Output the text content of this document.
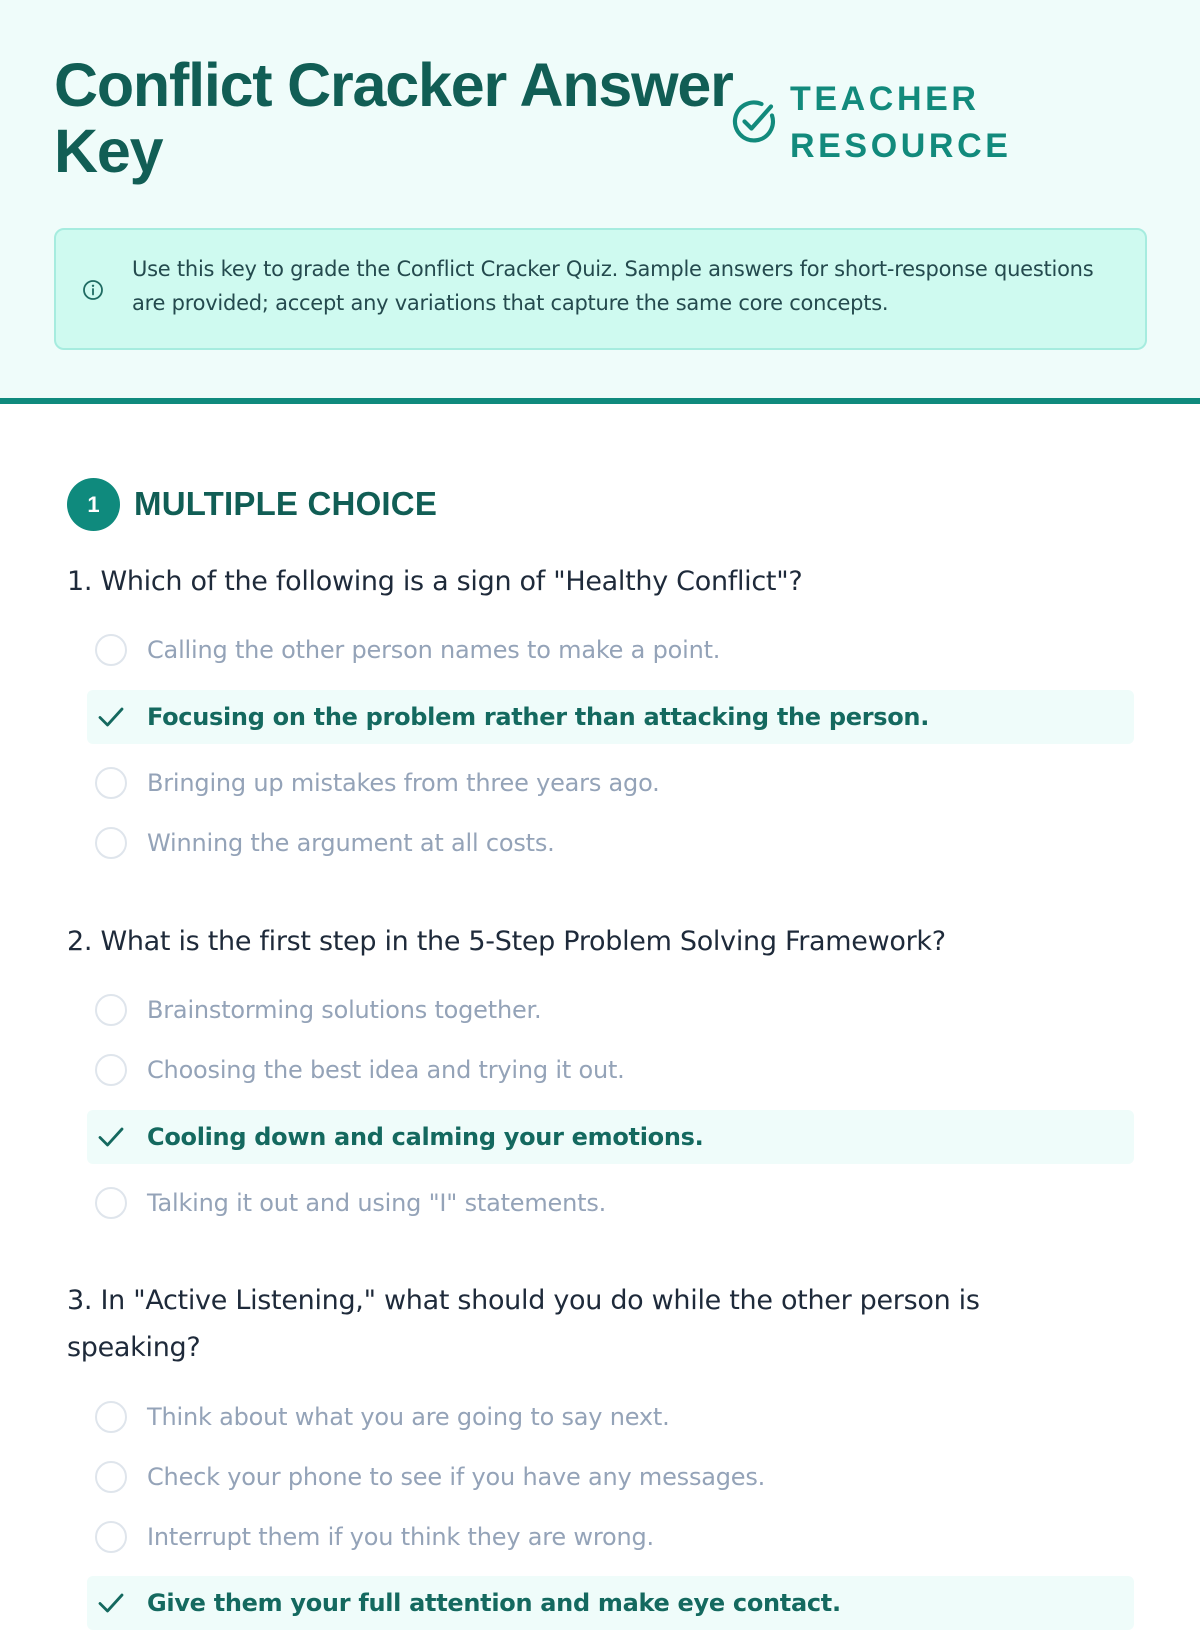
Conflict Cracker Answer Key
TEACHER
RESOURCE
Use this key to grade the Conflict Cracker Quiz. Sample answers for short-response questions are provided; accept any variations that capture the same core concepts.
1	MULTIPLE CHOICE
1. Which of the following is a sign of "Healthy Conflict"?
Calling the other person names to make a point.
Focusing on the problem rather than attacking the person.
Bringing up mistakes from three years ago.
Winning the argument at all costs.
2. What is the first step in the 5-Step Problem Solving Framework?
Brainstorming solutions together.
Choosing the best idea and trying it out.
Cooling down and calming your emotions.
Talking it out and using "I" statements.
3. In "Active Listening," what should you do while the other person is speaking?
Think about what you are going to say next.
Check your phone to see if you have any messages.
Interrupt them if you think they are wrong.
Give them your full attention and make eye contact.
